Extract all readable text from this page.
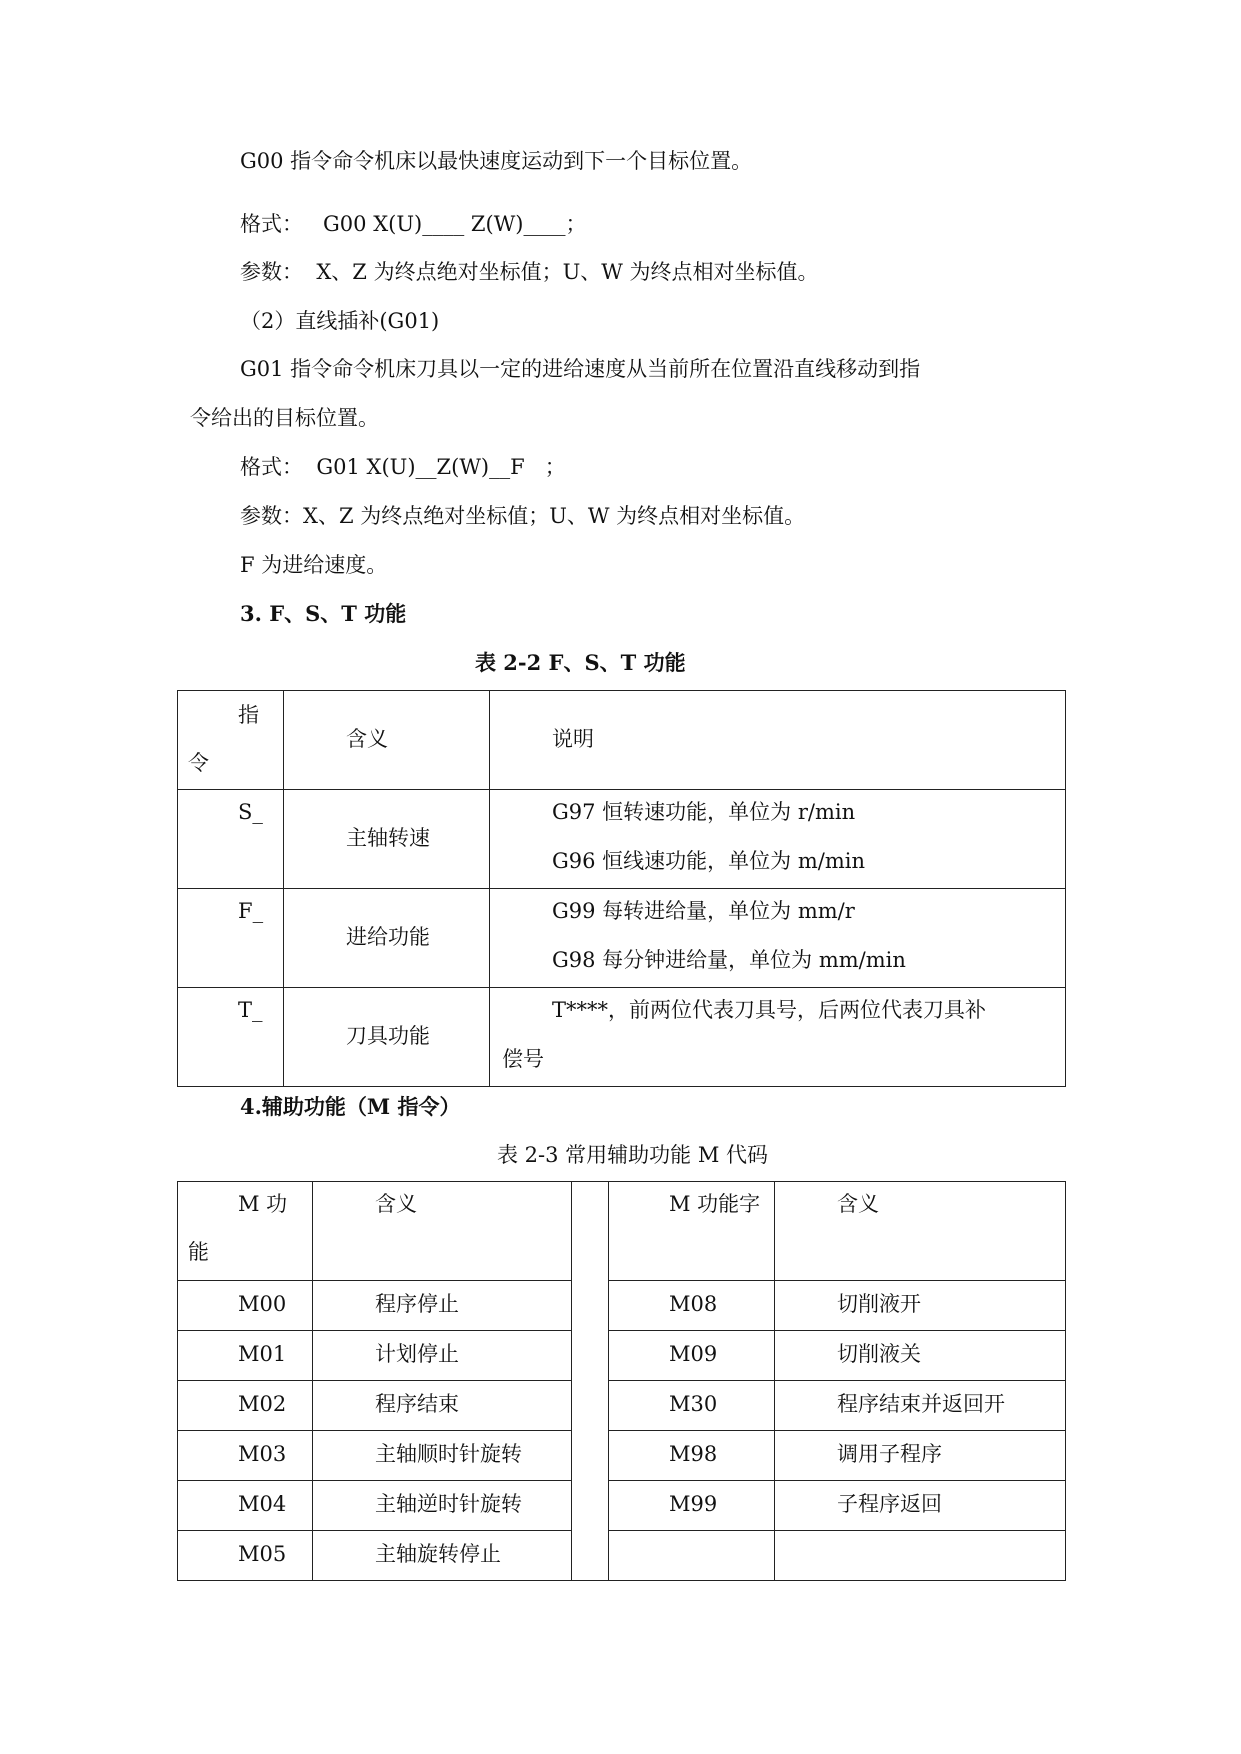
G00 指令命令机床以最快速度运动到下一个目标位置。
格式：   G00 X(U)____ Z(W)____；
参数：  X、Z 为终点绝对坐标值；U、W 为终点相对坐标值。
（2）直线插补(G01)
G01 指令命令机床刀具以一定的进给速度从当前所在位置沿直线移动到指
令给出的目标位置。
格式：  G01 X(U)__Z(W)__F   ；
参数：X、Z 为终点绝对坐标值；U、W 为终点相对坐标值。
F 为进给速度。
3. F、S、T 功能
表 2-2 F、S、T 功能
指
令	含义	说明

S_	主轴转速	G97 恒转速功能，单位为 r/min
G96 恒线速功能，单位为 m/min

F_	进给功能	G99 每转进给量，单位为 mm/r
G98 每分钟进给量，单位为 mm/min

T_	刀具功能	T****，前两位代表刀具号，后两位代表刀具补
偿号
4.辅助功能（M 指令）
表 2-3 常用辅助功能 M 代码
M 功
能	含义		M 功能字	含义

M00	程序停止		M08	切削液开

M01	计划停止		M09	切削液关

M02	程序结束		M30	程序结束并返回开

M03	主轴顺时针旋转		M98	调用子程序

M04	主轴逆时针旋转		M99	子程序返回

M05	主轴旋转停止			
